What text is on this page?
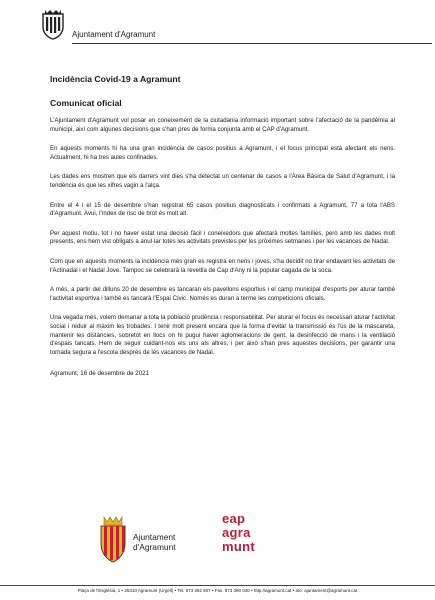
Ajuntament d'Agramunt
Incidència Covid-19 a Agramunt
Comunicat oficial

L'Ajuntament d'Agramunt vol posar en coneixement de la ciutadania informació important sobre l'afectació de la pandèmia al municipi, així com algunes decisions que s'han pres de forma conjunta amb el CAP d'Agramunt.

En aquests moments hi ha una gran incidència de casos positius a Agramunt, i el focus principal està afectant els nens. Actualment, hi ha tres aules confinades.

Les dades ens mostren que els darrers vint dies s'ha detectat un centenar de casos a l'Àrea Bàsica de Salut d'Agramunt, i la tendència és que les xifres vagin a l'alça.

Entre el 4 i el 15 de desembre s'han registrat 65 casos positius diagnosticats i confirmats a Agramunt, 77 a tota l'ABS d'Agramunt. Avui, l'índex de risc de brot és molt alt.

Per aquest motiu, tot i no haver estat una decisió fàcil i coneixedors que afectarà moltes famílies, però amb les dades molt presents, ens hem vist obligats a anul·lar totes les activitats previstes per les pròximes setmanes i per les vacances de Nadal.

Com que en aquests moments la incidència més gran es registra en nens i joves, s'ha decidit no tirar endavant les activitats de l'Actinadal i el Nadal Jove. Tampoc se celebrarà la revetlla de Cap d'Any ni la popular cagada de la soca.

A més, a partir del dilluns 20 de desembre es tancaran els pavellons esportius i el camp municipal d'esports per aturar també l'activitat esportiva i també es tancarà l'Espai Cívic. Només es duran a terme les competicions oficials.

Una vegada més, volem demanar a tota la població prudència i responsabilitat. Per aturar el focus és necessari aturar l'activitat social i reduir al màxim les trobades. I tenir molt present encara que la forma d'evitar la transmissió és l'ús de la mascareta, mantenir les distàncies, sobretot en llocs on hi pugui haver aglomeracions de gent, la desinfecció de mans i la ventilació d'espais tancats. Hem de seguir cuidant-nos els uns als altres, i per això s'han pres aquestes decisions, per garantir una tornada segura a l'escola després de les vacances de Nadal.

Agramunt, 16 de desembre de 2021
Ajuntament
d'Agramunt
eap
agra
munt
Plaça de l'Església, 1 • 25310 Agramunt (Urgell) • Tel. 973 392 807 • Fax. 973 390 040 • http://agramunt.cat • a/e: ajuntament@agramunt.cat
